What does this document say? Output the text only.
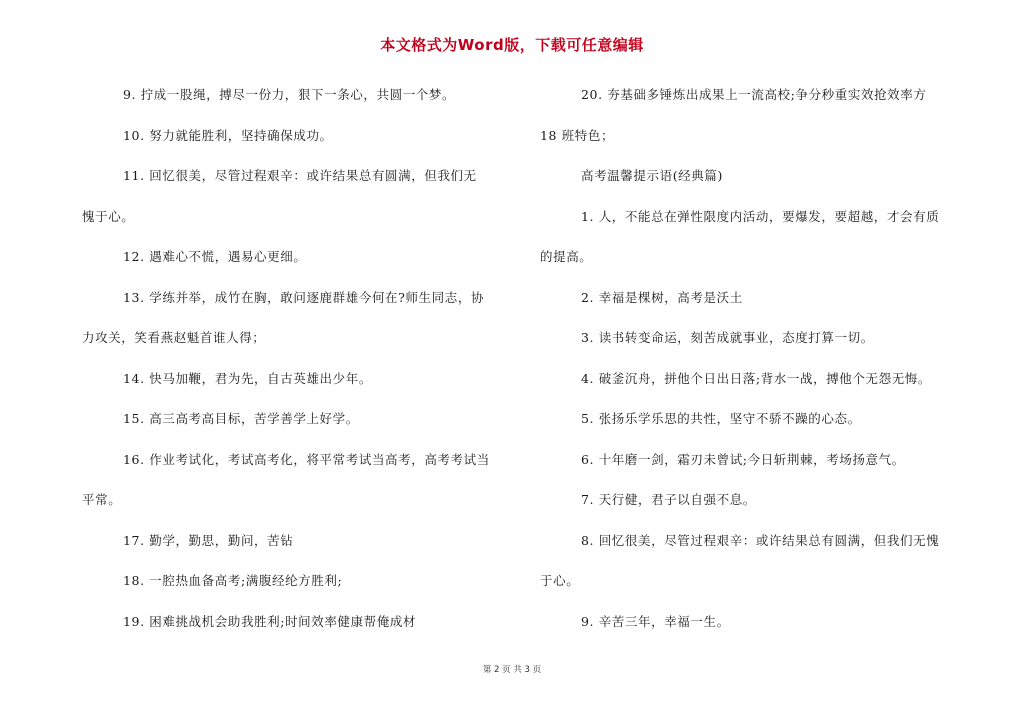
本文格式为Word版，下载可任意编辑
9. 拧成一股绳，搏尽一份力，狠下一条心，共圆一个梦。
10. 努力就能胜利，坚持确保成功。
11. 回忆很美，尽管过程艰辛：或许结果总有圆满，但我们无
愧于心。
12. 遇难心不慌，遇易心更细。
13. 学练并举，成竹在胸，敢问逐鹿群雄今何在?师生同志，协
力攻关，笑看燕赵魁首谁人得；
14. 快马加鞭，君为先，自古英雄出少年。
15. 高三高考高目标，苦学善学上好学。
16. 作业考试化，考试高考化，将平常考试当高考，高考考试当
平常。
17. 勤学，勤思，勤问，苦钻
18. 一腔热血备高考;满腹经纶方胜利;
19. 困难挑战机会助我胜利;时间效率健康帮俺成材
20. 夯基础多锤炼出成果上一流高校;争分秒重实效抢效率方
18 班特色；
高考温馨提示语(经典篇)
1. 人，不能总在弹性限度内活动，要爆发，要超越，才会有质
的提高。
2. 幸福是棵树，高考是沃土
3. 读书转变命运，刻苦成就事业，态度打算一切。
4. 破釜沉舟，拼他个日出日落;背水一战，搏他个无怨无悔。
5. 张扬乐学乐思的共性，坚守不骄不躁的心态。
6. 十年磨一剑，霜刃未曾试;今日斩荆棘，考场扬意气。
7. 天行健，君子以自强不息。
8. 回忆很美，尽管过程艰辛：或许结果总有圆满，但我们无愧
于心。
9. 辛苦三年，幸福一生。
第 2 页 共 3 页
